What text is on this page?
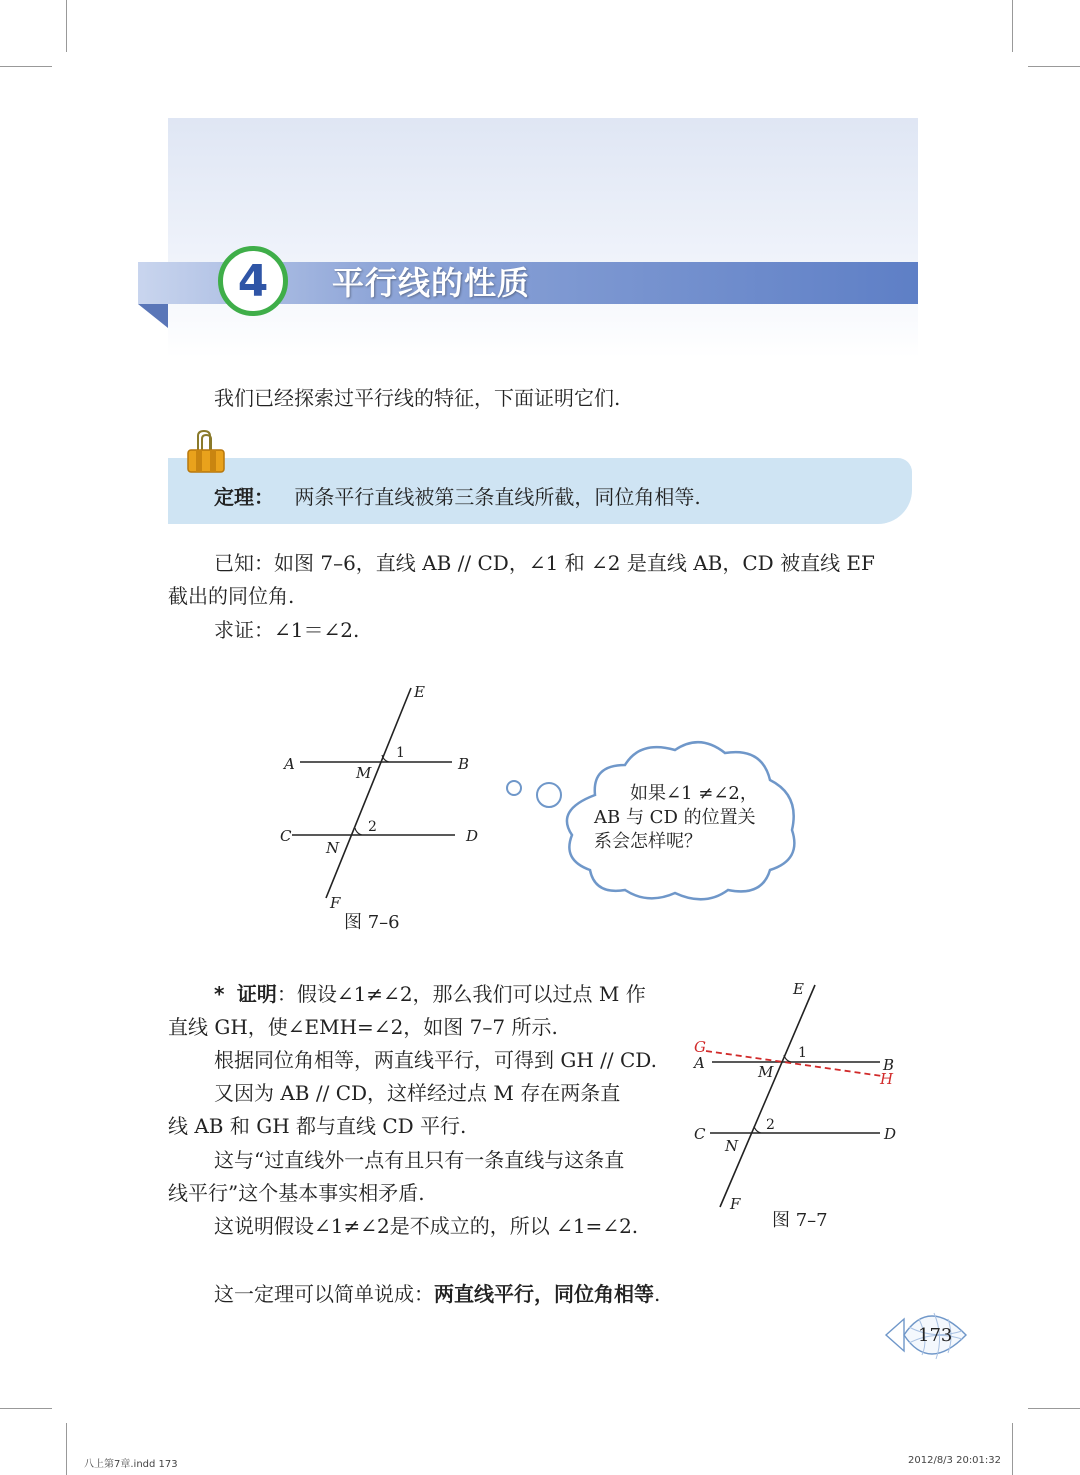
4	平行线的性质
我们已经探索过平行线的特征，下面证明它们.
定理： 两条平行直线被第三条直线所截，同位角相等.
已知：如图 7–6，直线 AB // CD，∠1 和 ∠2 是直线 AB，CD 被直线 EF
截出的同位角.
求证：∠1＝∠2.
E
A	B
M
1
C	D
N
2
F
图 7–6
如果∠1 ≠∠2，
AB 与 CD 的位置关
系会怎样呢？
* 证明：假设∠1≠∠2，那么我们可以过点 M 作
直线 GH，使∠EMH=∠2，如图 7–7 所示.
根据同位角相等，两直线平行，可得到 GH // CD.
又因为 AB // CD，这样经过点 M 存在两条直
线 AB 和 GH 都与直线 CD 平行.
这与“过直线外一点有且只有一条直线与这条直
线平行”这个基本事实相矛盾.
这说明假设∠1≠∠2是不成立的，所以 ∠1=∠2.
E
G
A	M
1
B
H
C
N
2	D
F
图 7–7
这一定理可以简单说成：两直线平行，同位角相等.
173
八上第7章.indd 173	2012/8/3 20:01:32
